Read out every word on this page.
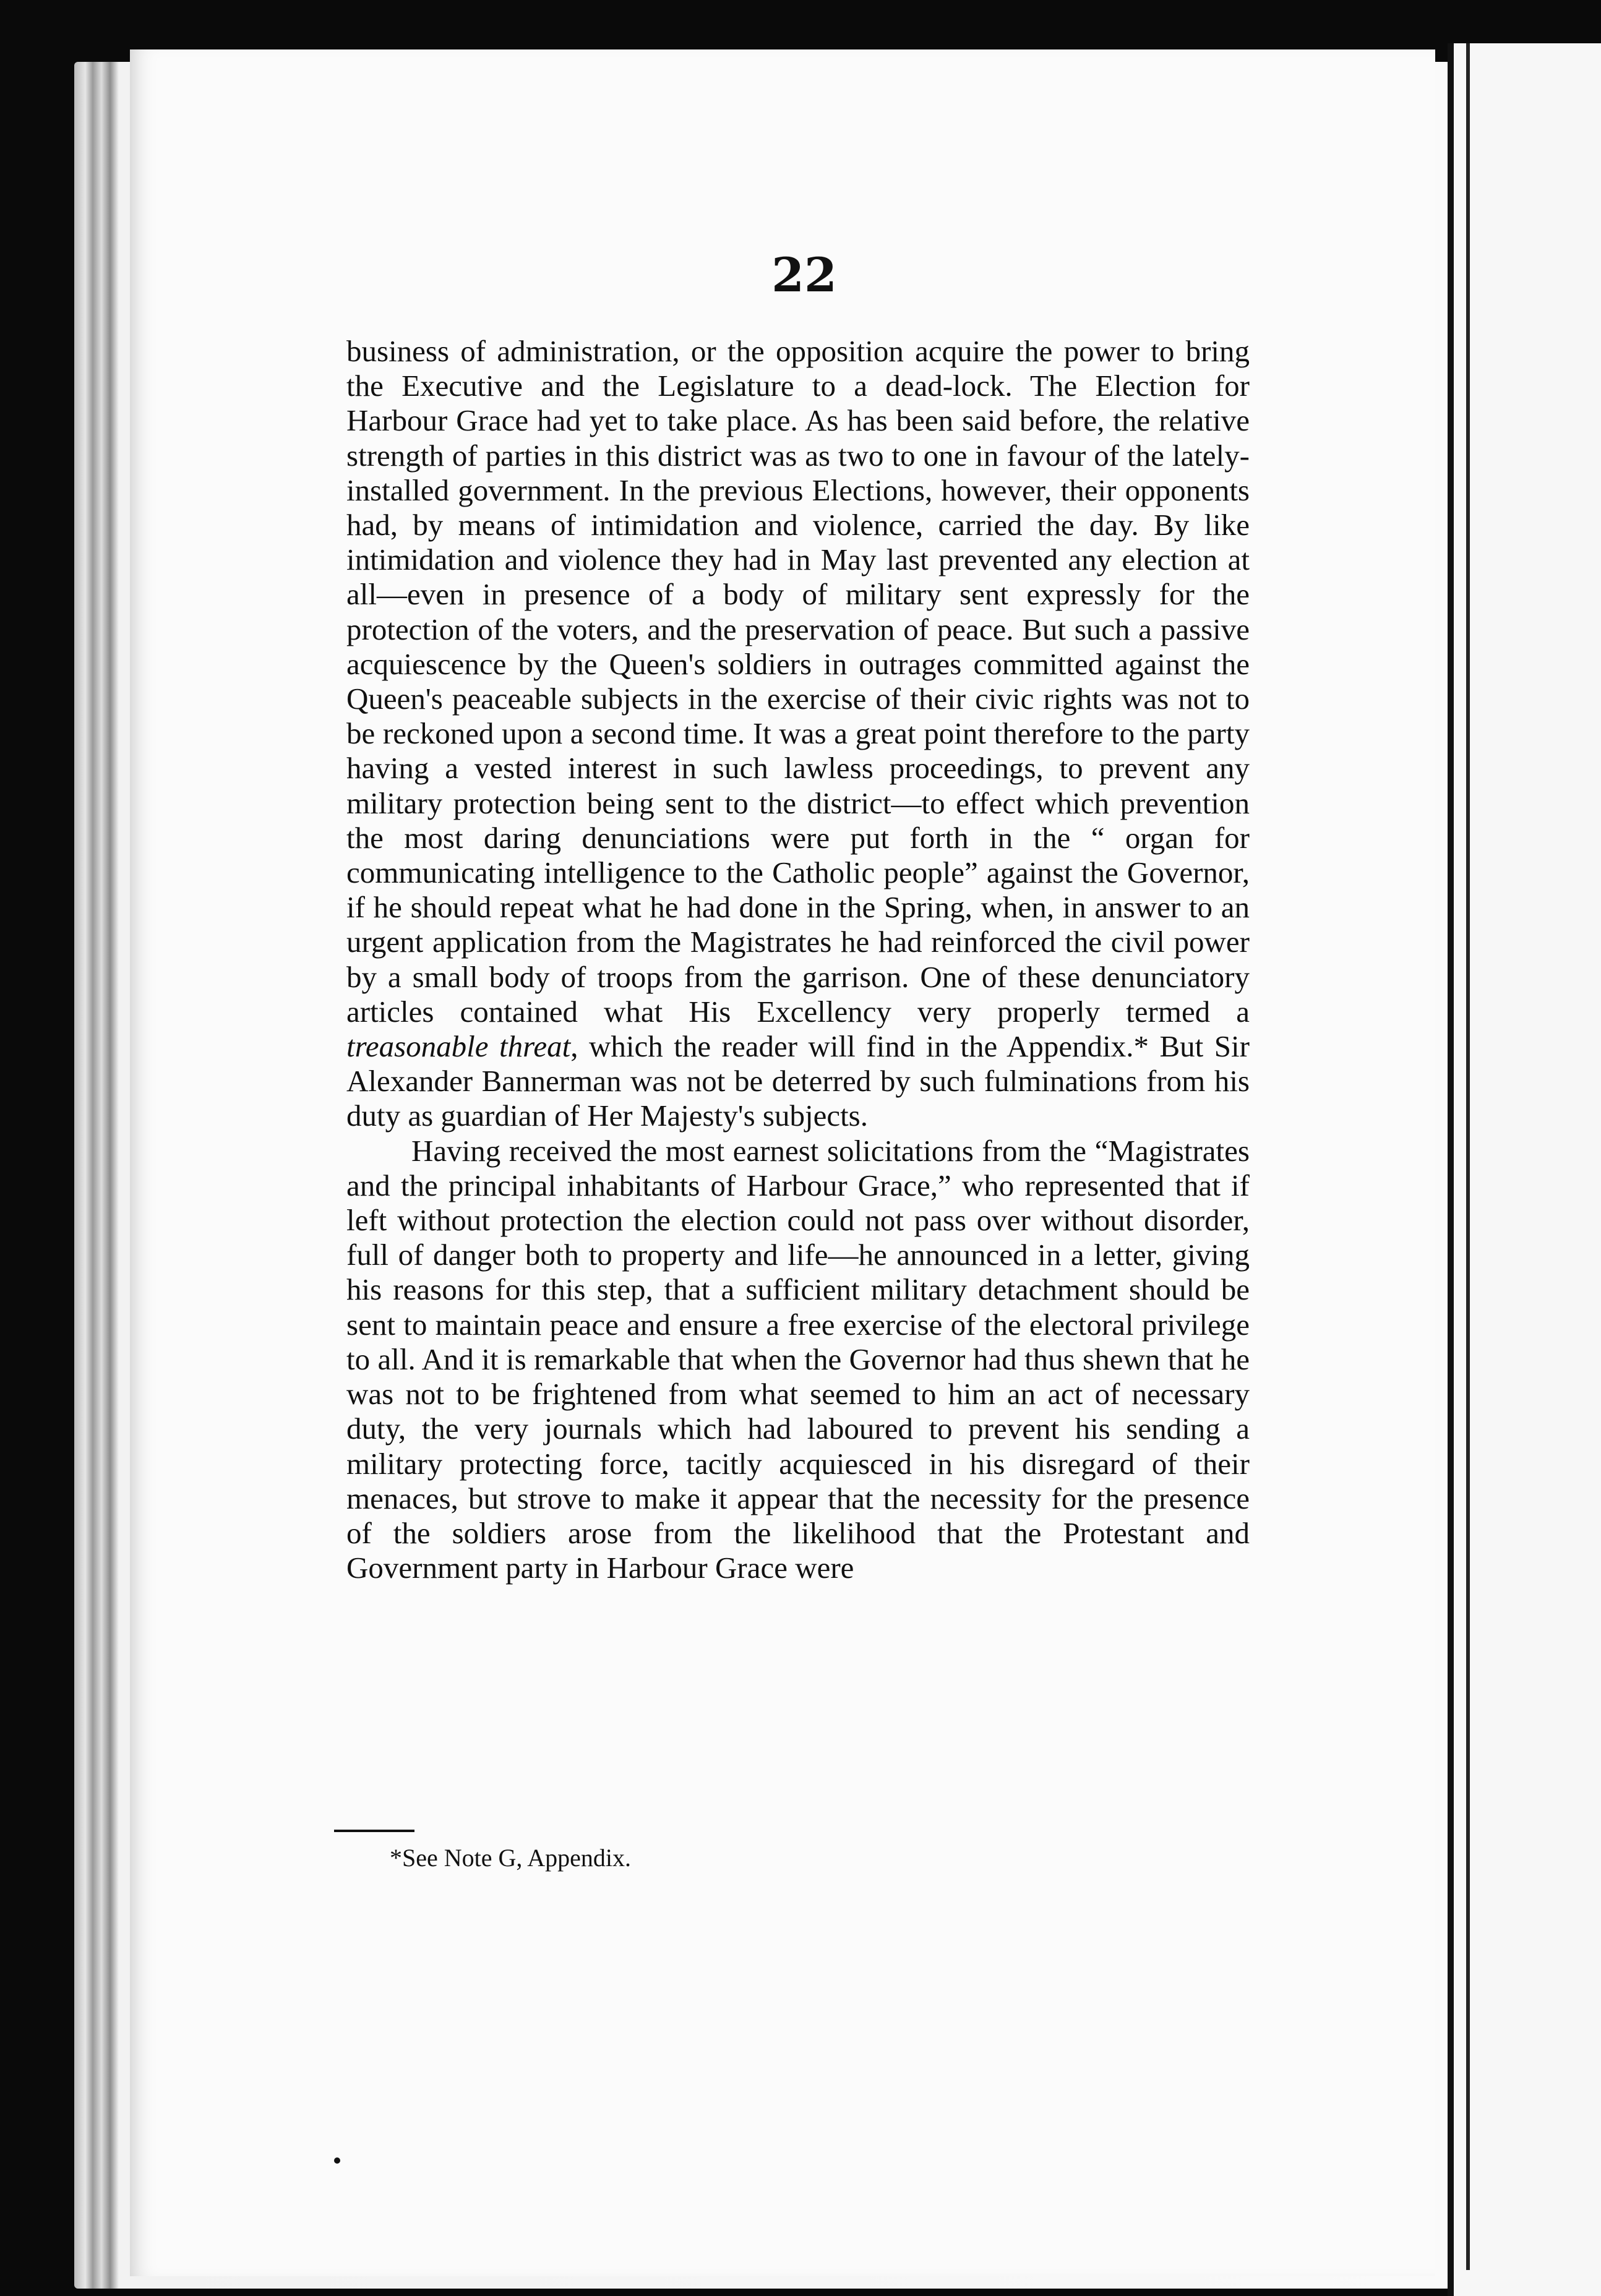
22

business of administration, or the opposition acquire the power to bring the Executive and the Legislature to a dead-lock. The Election for Harbour Grace had yet to take place. As has been said before, the relative strength of parties in this district was as two to one in favour of the lately-installed government. In the previous Elections, however, their opponents had, by means of intimidation and violence, carried the day. By like intimidation and violence they had in May last prevented any election at all—even in presence of a body of military sent expressly for the protection of the voters, and the preservation of peace. But such a passive acquiescence by the Queen's soldiers in outrages committed against the Queen's peaceable subjects in the exercise of their civic rights was not to be reckoned upon a second time. It was a great point therefore to the party having a vested interest in such lawless proceedings, to prevent any military protection being sent to the district—to effect which prevention the most daring denunciations were put forth in the “ organ for communicating intelligence to the Catholic people” against the Governor, if he should repeat what he had done in the Spring, when, in answer to an urgent application from the Magistrates he had reinforced the civil power by a small body of troops from the garrison. One of these denunciatory articles contained what His Excellency very properly termed a treasonable threat, which the reader will find in the Appendix.* But Sir Alexander Bannerman was not be deterred by such fulminations from his duty as guardian of Her Majesty's subjects.

Having received the most earnest solicitations from the “Magistrates and the principal inhabitants of Harbour Grace,” who represented that if left without protection the election could not pass over without disorder, full of danger both to property and life—he announced in a letter, giving his reasons for this step, that a sufficient military detachment should be sent to maintain peace and ensure a free exercise of the electoral privilege to all. And it is remarkable that when the Governor had thus shewn that he was not to be frightened from what seemed to him an act of necessary duty, the very journals which had laboured to prevent his sending a military protecting force, tacitly acquiesced in his disregard of their menaces, but strove to make it appear that the necessity for the presence of the soldiers arose from the likelihood that the Protestant and Government party in Harbour Grace were

*See Note G, Appendix.
